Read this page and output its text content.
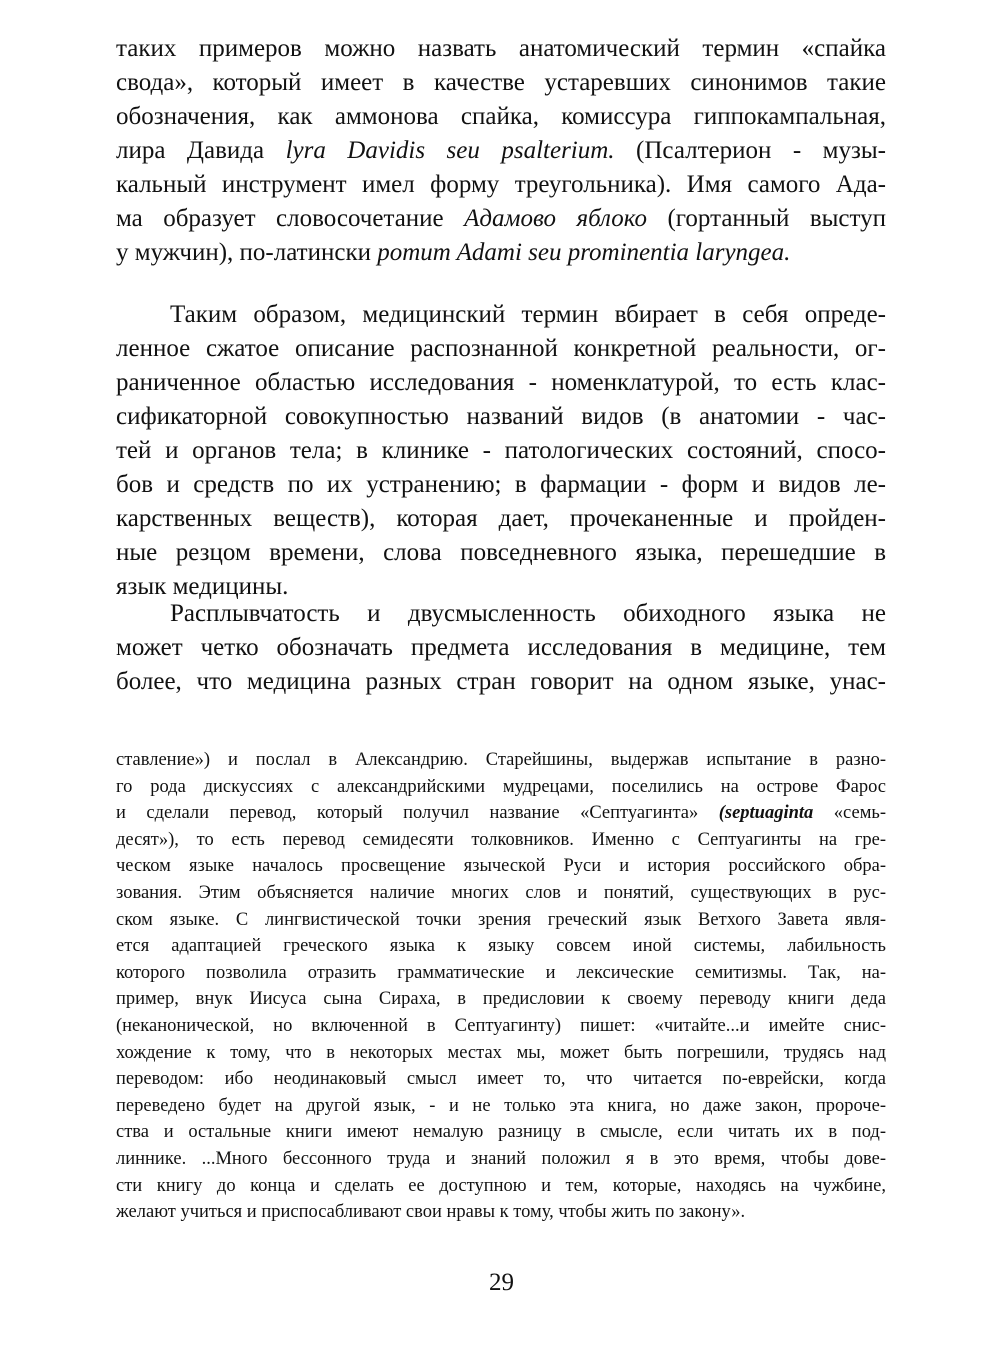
таких примеров можно назвать анатомический термин «спайка
свода», который имеет в качестве устаревших синонимов такие
обозначения, как аммонова спайка, комиссура гиппокампальная,
лира Давида lyra Davidis seu psalterium. (Псалтерион - музы-
кальный инструмент имел форму треугольника). Имя самого Ада-
ма образует словосочетание Адамово яблоко (гортанный выступ
у мужчин), по-латински pomum Adami seu prominentia laryngea.
Таким образом, медицинский термин вбирает в себя опреде-
ленное сжатое описание распознанной конкретной реальности, ог-
раниченное областью исследования - номенклатурой, то есть клас-
сификаторной совокупностью названий видов (в анатомии - час-
тей и органов тела; в клинике - патологических состояний, спосо-
бов и средств по их устранению; в фармации - форм и видов ле-
карственных веществ), которая дает, прочеканенные и пройден-
ные резцом времени, слова повседневного языка, перешедшие в
язык медицины.
Расплывчатость и двусмысленность обиходного языка не
может четко обозначать предмета исследования в медицине, тем
более, что медицина разных стран говорит на одном языке, унас-
ставление») и послал в Александрию. Старейшины, выдержав испытание в разно-
го рода дискуссиях с александрийскими мудрецами, поселились на острове Фарос
и сделали перевод, который получил название «Септуагинта» (septuaginta «семь-
десят»), то есть перевод семидесяти толковников. Именно с Септуагинты на гре-
ческом языке началось просвещение языческой Руси и история российского обра-
зования. Этим объясняется наличие многих слов и понятий, существующих в рус-
ском языке. С лингвистической точки зрения греческий язык Ветхого Завета явля-
ется адаптацией греческого языка к языку совсем иной системы, лабильность
которого позволила отразить грамматические и лексические семитизмы. Так, на-
пример, внук Иисуса сына Сираха, в предисловии к своему переводу книги деда
(неканонической, но включенной в Септуагинту) пишет: «читайте...и имейте снис-
хождение к тому, что в некоторых местах мы, может быть погрешили, трудясь над
переводом: ибо неодинаковый смысл имеет то, что читается по-еврейски, когда
переведено будет на другой язык, - и не только эта книга, но даже закон, пророче-
ства и остальные книги имеют немалую разницу в смысле, если читать их в под-
линнике. ...Много бессонного труда и знаний положил я в это время, чтобы дове-
сти книгу до конца и сделать ее доступною и тем, которые, находясь на чужбине,
желают учиться и приспосабливают свои нравы к тому, чтобы жить по закону».
29
